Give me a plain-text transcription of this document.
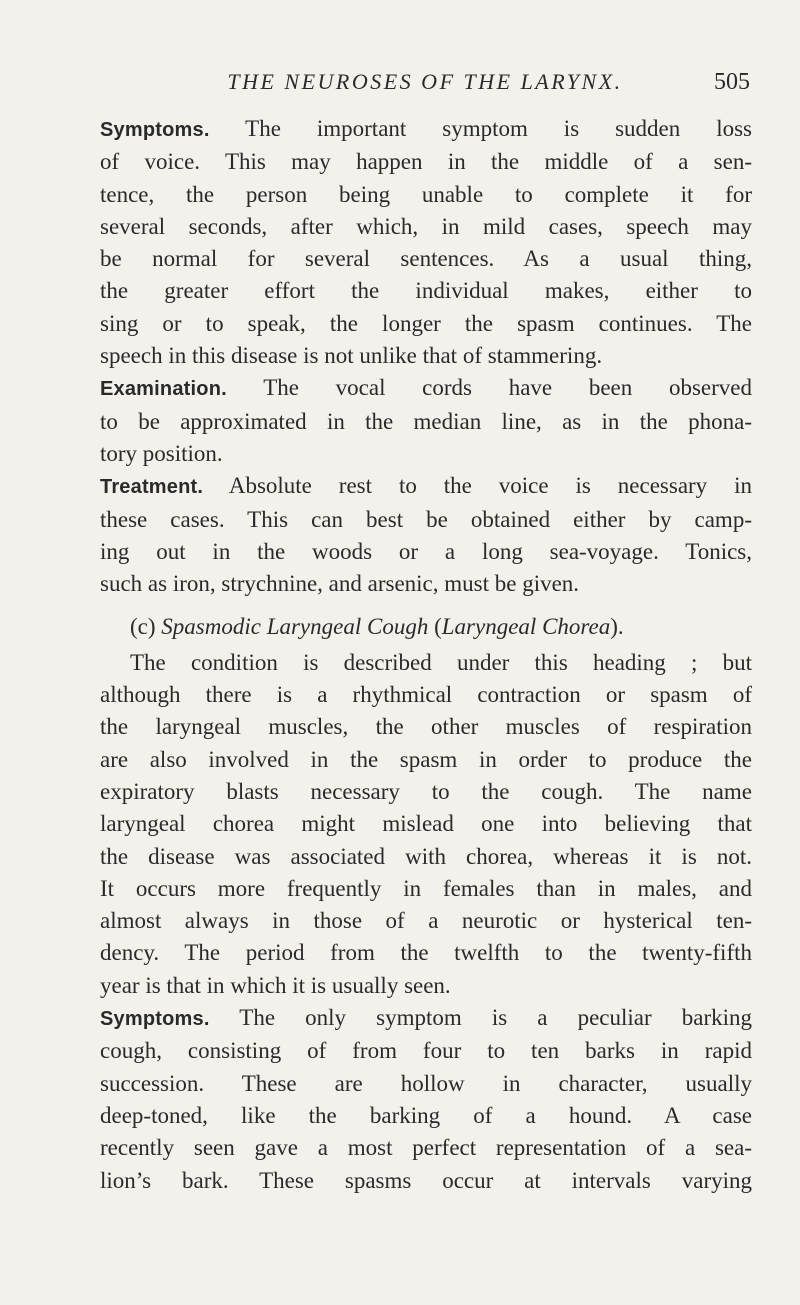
THE NEUROSES OF THE LARYNX.	505

Symptoms. The important symptom is sudden loss

of voice. This may happen in the middle of a sen-

tence, the person being unable to complete it for

several seconds, after which, in mild cases, speech may

be normal for several sentences. As a usual thing,

the greater effort the individual makes, either to

sing or to speak, the longer the spasm continues. The

speech in this disease is not unlike that of stammering.

Examination. The vocal cords have been observed

to be approximated in the median line, as in the phona-

tory position.

Treatment. Absolute rest to the voice is necessary in

these cases. This can best be obtained either by camp-

ing out in the woods or a long sea-voyage. Tonics,

such as iron, strychnine, and arsenic, must be given.

(c) Spasmodic Laryngeal Cough (Laryngeal Chorea).

The condition is described under this heading ; but

although there is a rhythmical contraction or spasm of

the laryngeal muscles, the other muscles of respiration

are also involved in the spasm in order to produce the

expiratory blasts necessary to the cough. The name

laryngeal chorea might mislead one into believing that

the disease was associated with chorea, whereas it is not.

It occurs more frequently in females than in males, and

almost always in those of a neurotic or hysterical ten-

dency. The period from the twelfth to the twenty-fifth

year is that in which it is usually seen.

Symptoms. The only symptom is a peculiar barking

cough, consisting of from four to ten barks in rapid

succession. These are hollow in character, usually

deep-toned, like the barking of a hound. A case

recently seen gave a most perfect representation of a sea-

lion’s bark. These spasms occur at intervals varying
